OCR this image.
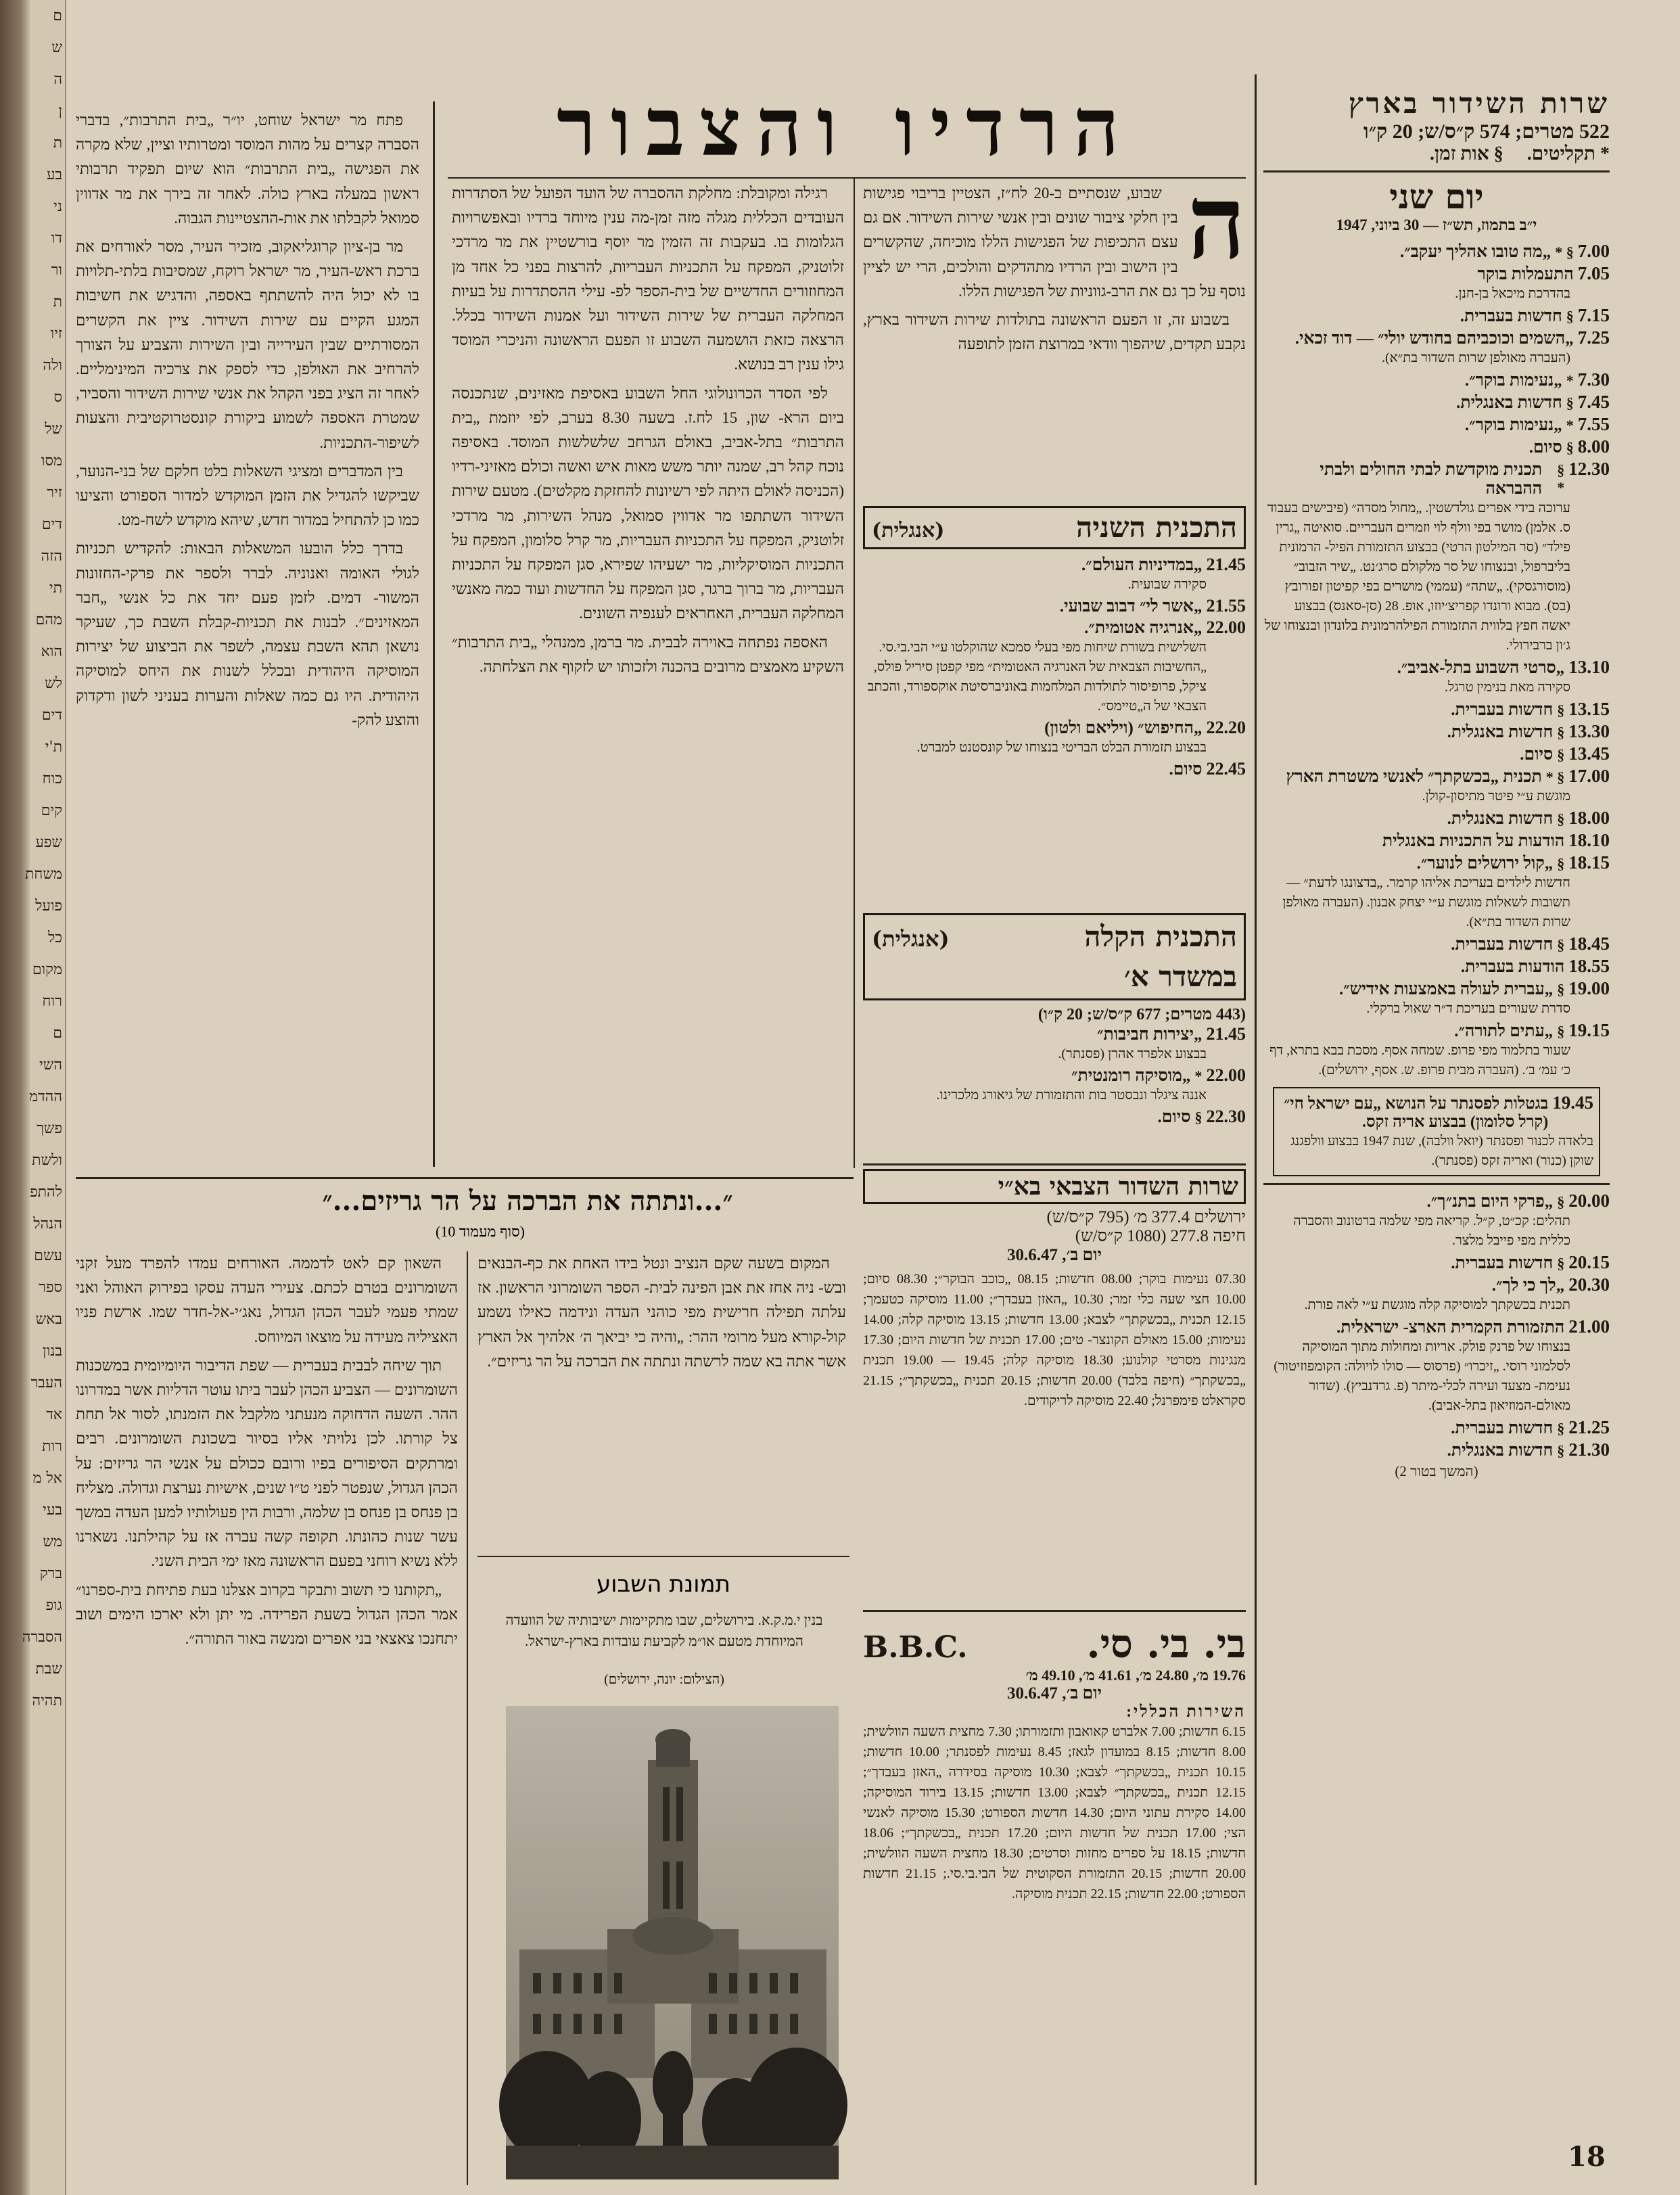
ם
ש
ה
ן
ת
בע
ני
דו
ור
ת
זיו
ולה
ס
של
מסו
זיר
דים
הזה
תי
מהם
הוא
לש
דים
ת'י
כוח
קים
שפע
משחת
פועל
כל
מקום
רוח
ם
השי
ההדמ
פשך
ולשת
להתפ
הנהל
עשם
ספר
באש
בנון
העבר
אד
רות
אל מ
בעי
מש
ברק
גופ
הסברה
שבת
תהיה

פתח מר ישראל שוחט, יו״ר „בית התרבות״, בדברי הסברה קצרים על מהות המוסד ומטרותיו וציין, שלא מקרה את הפגישה „בית התרבות״ הוא שיום תפקיד תרבותי ראשון במעלה בארץ כולה. לאחר זה בירך את מר אדווין סמואל לקבלתו את אות-ההצטיינות הגבוה.

מר בן-ציון קרוגליאקוב, מזכיר העיר, מסר לאורחים את ברכת ראש-העיר, מר ישראל רוקח, שמסיבות בלתי-תלויות בו לא יכול היה להשתתף באספה, והדגיש את חשיבות המגע הקיים עם שירות השידור. ציין את הקשרים המסורתיים שבין העירייה ובין השירות והצביע על הצורך להרחיב את האולפן, כדי לספק את צרכיה המינימליים. לאחר זה הציג בפני הקהל את אנשי שירות השידור והסביר, שמטרת האספה לשמוע ביקורת קונסטרוקטיבית והצעות לשיפור-התכניות.

בין המדברים ומציגי השאלות בלט חלקם של בני-הנוער, שביקשו להגדיל את הזמן המוקדש למדור הספורט והציעו כמו כן להתחיל במדור חדש, שיהא מוקדש לשח-מט.

בדרך כלל הובעו המשאלות הבאות: להקדיש תכניות לגולי האומה ואנוניה. לברר ולספר את פרקי-החזונות המשור- דמים. לזמן פעם יחד את כל אנשי „חבר המאזינים״. לבנות את תכניות-קבלת השבת כך, שעיקר נושאן תהא השבת עצמה, לשפר את הביצוע של יצירות המוסיקה היהודית ובכלל לשנות את היחס למוסיקה היהודית. היו גם כמה שאלות והערות בעניני לשון ודקדוק והוצע להק-

הרדיו והצבור

רגילה ומקובלת: מחלקת ההסברה של הועד הפועל של הסתדרות העובדים הכללית מגלה מזה זמן-מה ענין מיוחד ברדיו ובאפשרויות הגלומות בו. בעקבות זה הזמין מר יוסף בורשטיין את מר מרדכי זלוטניק, המפקח על התכניות העבריות, להרצות בפני כל אחד מן המחוזורים החדשיים של בית-הספר לפ- עילי ההסתדרות על בעיות המחלקה העברית של שירות השידור ועל אמנות השידור בכלל. הרצאה כזאת הושמעה השבוע זו הפעם הראשונה והניכרי המוסד גילו ענין רב בנושא.

לפי הסדר הכרונולוגי החל השבוע באסיפת מאזינים, שנתכנסה ביום הרא- שון, 15 לח.ז. בשעה 8.30 בערב, לפי יוזמת „בית התרבות״ בתל-אביב, באולם הגרחב שלשלשות המוסד. באסיפה נוכח קהל רב, שמנה יותר משש מאות איש ואשה וכולם מאזיני-רדיו (הכניסה לאולם היתה לפי רשיונות להחזקת מקלטים). מטעם שירות השידור השתתפו מר אדווין סמואל, מנהל השירות, מר מרדכי זלוטניק, המפקח על התכניות העבריות, מר קרל סלומון, המפקח על התכניות המוסיקליות, מר ישעיהו שפירא, סגן המפקח על התכניות העבריות, מר ברוך ברגר, סגן המפקח על החדשות ועוד כמה מאנשי המחלקה העברית, האחראים לענפיה השונים.

האספה נפתחה באוירה לבבית. מר ברמן, ממנהלי „בית התרבות״ השקיע מאמצים מרובים בהכנה ולזכותו יש לזקוף את הצלחתה.

ה

שבוע, שנסתיים ב-20 לח״ז, הצטיין בריבוי פגישות בין חלקי ציבור שונים ובין אנשי שירות השידור. אם גם עצם התכיפות של הפגישות הללו מוכיחה, שהקשרים בין הישוב ובין הרדיו מתהדקים והולכים, הרי יש לציין נוסף על כך גם את הרב-גווניות של הפגישות הללו.

בשבוע זה, זו הפעם הראשונה בתולדות שירות השידור בארץ, נקבע תקדים, שיהפוך וודאי במרוצת הזמן לתופעה

התכנית השניה
(אנגלית)
21.45
„במדיניות העולם״.
סקירה שבועית.
21.55
„אשר לי״ דבוב שבועי.
22.00
„אנרגיה אטומית״.
השלישית בשורת שיחות מפי בעלי סמכא שהוקלטו ע״י הבי.בי.סי. „החשיבות הצבאית של האנרגיה האטומית״ מפי קפטן סיריל פולס, ציקל, פרופיסור לתולדות המלחמות באוניברסיטת אוקספורד, והכתב הצבאי של ה„טיימס״.
22.20
„החיפוש״ (ויליאם ולטון)
בבצוע תזמורת הבלט הבריטי בנצוחו של קונסטנט למברט.
22.45
סיום.
התכנית הקלה
(אנגלית)
במשדר א׳
(443 מטרים; 677 ק״ס/ש; 20 ק״ו)
21.45
„יצירות חביבות״
בבצוע אלפרד אהרן (פסנתר).
22.00
*
„מוסיקה רומנטית״
אננה ציגלר ונבסטר בות והתזמורת של גיאורג מלכרינו.
22.30
§
סיום.
שרות השדור הצבאי בא״י
ירושלים 377.4 מ׳ (795 ק״ס/ש)
חיפה 277.8 (1080 ק״ס/ש)
יום ב׳, 30.6.47
07.30 נעימות בוקר; 08.00 חדשות; 08.15 „כוכב הבוקר״; 08.30 סיום; 10.00 חצי שעה כלי זמר; 10.30 „האזן בעבדך״; 11.00 מוסיקה כטעמך; 12.15 תכנית „בכשקתך״ לצבא; 13.00 חדשות; 13.15 מוסיקה קלה; 14.00 נעימות; 15.00 מאולם הקונצר- טים; 17.00 תכנית של חדשות היום; 17.30 מנגינות מסרטי קולנוע; 18.30 מוסיקה קלה; 19.45 — 19.00 תכנית „בכשקתך״ (חיפה בלבד) 20.00 חדשות; 20.15 תכנית „בכשקתך״; 21.15 סקראלט פימפרנל; 22.40 מוסיקה לריקודים.
בי. בי. סי.
B.B.C.
19.76 מ׳, 24.80 מ׳, 41.61 מ׳, 49.10 מ׳
יום ב׳, 30.6.47
השירות הכללי:
6.15 חדשות; 7.00 אלברט קאואבון ותזמורתו; 7.30 מחצית השעה הוולשית; 8.00 חדשות; 8.15 במועדון לגאז; 8.45 נעימות לפסנתר; 10.00 חדשות; 10.15 תכנית „בכשקתך״ לצבא; 10.30 מוסיקה בסידרה „האזן בעבדך״; 12.15 תכנית „בכשקתך״ לצבא; 13.00 חדשות; 13.15 בירוד המוסיקה; 14.00 סקירת עתוני היום; 14.30 חדשות הספורט; 15.30 מוסיקה לאנשי הצי; 17.00 תכנית של חדשות היום; 17.20 תכנית „בכשקתך״; 18.06 חדשות; 18.15 על ספרים מחזות וסרטים; 18.30 מחצית השעה הוולשית; 20.00 חדשות; 20.15 התזמורת הסקוטית של הבי.בי.סי.; 21.15 חדשות הספורט; 22.00 חדשות; 22.15 תכנית מוסיקה.
שרות השידור בארץ
522 מטרים; 574 ק״ס/ש; 20 ק״ו
* תקליטים.     § אות זמן.
יום שני
י״ב בתמוז, תש״ז — 30 ביוני, 1947
7.00
§ *
„מה טובו אהליך יעקב״.
7.05
התעמלות בוקר
בהדרכת מיכאל בן-חנן.
7.15
§
חדשות בעברית.
7.25
„השמים וכוכביהם בחודש יולי״ — דוד זכאי.
(העברה מאולפן שרות השדור בת״א).
7.30
*
„נעימות בוקר״.
7.45
§
חדשות באנגלית.
7.55
*
„נעימות בוקר״.
8.00
§
סיום.
12.30
§ *
תכנית מוקדשת לבתי החולים ולבתי ההבראה
ערוכה בידי אפרים גולדשטין. „מחול מסדה״ (פיבישים בעבוד ס. אלמן) מושר בפי וולף לוי וזמרים העבריים. סואיטה „גרין פילד״ (סר המילטון הרטי) בבצוע התזמורת הפיל- הרמונית בליברפול, ובנצוחו של סר מלקולם סרג׳נט. „שיר הזבוב״ (מוסורגסקי). „שתה״ (עממי) מושרים בפי קפיטון זפורובץ (בס). מבוא ורונדו קפריצ׳יוזו, אופ. 28 (סן-סאנס) בבצוע יאשה חפץ בלווית התזמורת הפילהרמונית בלונדון ובנצוחו של ג׳ון ברבירולי.
13.10
„סרטי השבוע בתל-אביב״.
סקירה מאת בנימין טרגל.
13.15
§
חדשות בעברית.
13.30
§
חדשות באנגלית.
13.45
§
סיום.
17.00
§ *
תכנית „בכשקתך״ לאנשי משטרת הארץ
מוגשת ע״י פיטר מתיסון-קולן.
18.00
§
חדשות באנגלית.
18.10
הודעות על התכניות באנגלית
18.15
§
„קול ירושלים לנוער״.
חדשות לילדים בעריכת אליהו קרמר. „בדצונגו לדעת״ — תשובות לשאלות מוגשת ע״י יצחק אבנון. (העברה מאולפן שרות השדור בת״א).
18.45
§
חדשות בעברית.
18.55
הודעות בעברית.
19.00
§
„עברית לעולה באמצעות אידיש״.
סדרת שעורים בעריכת ד״ר שאול ברקלי.
19.15
§
„עתים לתורה״.
שעור בתלמוד מפי פרופ. שמחה אסף. מסכת בבא בתרא, דף כ׳ עמ׳ ב׳. (העברה מבית פרופ. ש. אסף, ירושלים).
19.45
בגטלות לפסנתר על הנושא „עם ישראל חי״ (קרל סלומון) בבצוע אריה זקס.
בלאדה לכנור ופסנתר (יואל וולבה), שנת 1947 בבצוע וולפגנג שוקן (כנור) ואריה זקס (פסנתר).
20.00
§
„פרקי היום בתנ״ך״.
תהלים: קכ״ט, ק״ל. קריאה מפי שלמה ברטונוב והסברה כללית מפי פייבל מלצר.
20.15
§
חדשות בעברית.
20.30
„לך כי לך״.
תכנית בכשקתך למוסיקה קלה מוגשת ע״י לאה פורת.
21.00
התזמורת הקמרית הארצ- ישראלית.
בנצוחו של פרנק פולק. אריות ומחולות מתוך המוסיקה לסלמוני רוסי. „זיכרו״ (פרסוס — סולו לויולה: הקומפוזיטור) נעימת- מצעד ועירה לכלי-מיתר (פ. גרדנביץ). (שדור מאולם-המוזיאון בתל-אביב).
21.25
§
חדשות בעברית.
21.30
§
חדשות באנגלית.
(המשך בטור 2)
״...ונתתה את הברכה על הר גריזים...״
(סוף מעמוד 10)

השאון קם לאט לדממה. האורחים עמדו להפרד מעל זקני השומרונים בטרם לכתם. צעירי העדה עסקו בפירוק האוהל ואני שמתי פעמי לעבר הכהן הגדול, נאג׳י-אל-חדר שמו. ארשת פניו האציליה מעידה על מוצאו המיוחס.

תוך שיחה לבבית בעברית — שפת הדיבור היומיומית במשכנות השומרונים — הצביע הכהן לעבר ביתו עוטר הדליות אשר במדרונו ההר. השעה הדחוקה מנעתני מלקבל את הזמנתו, לסור אל תחת צל קורתו. לכן נלויתי אליו בסיור בשכונת השומרונים. רבים ומרתקים הסיפורים בפיו ורובם ככולם על אנשי הר גריזים: על הכהן הגדול, שנפטר לפני ט״ו שנים, אישיות נערצת וגדולה. מצליח בן פנחס בן פנחס בן שלמה, ורבות הין פעולותיו למען העדה במשך עשר שנות כהונתו. תקופה קשה עברה אז על קהילתנו. נשארנו ללא נשיא רוחני בפעם הראשונה מאז ימי הבית השני.

„תקותנו כי תשוב ותבקר בקרוב אצלנו בעת פתיחת בית-ספרנו״ אמר הכהן הגדול בשעת הפרידה. מי יתן ולא יארכו הימים ושוב יתחנכו צאצאי בני אפרים ומנשה באור התורה״.

המקום בשעה שקם הנציב ונטל בידו האחת את כף-הבנאים ובש- ניה אחז את אבן הפינה לבית- הספר השומרוני הראשון. אז עלתה תפילה חרישית מפי כוהני העדה ונידמה כאילו נשמע קול-קורא מעל מרומי ההר: „והיה כי יביאך ה׳ אלהיך אל הארץ אשר אתה בא שמה לרשתה ונתתה את הברכה על הר גריזים״.

תמונת השבוע
בנין י.מ.ק.א. בירושלים, שבו מתקיימות ישיבותיה של הוועדה המיוחדת מטעם או״מ לקביעת עובדות בארץ-ישראל.
(הצילום: יונה, ירושלים)
18
